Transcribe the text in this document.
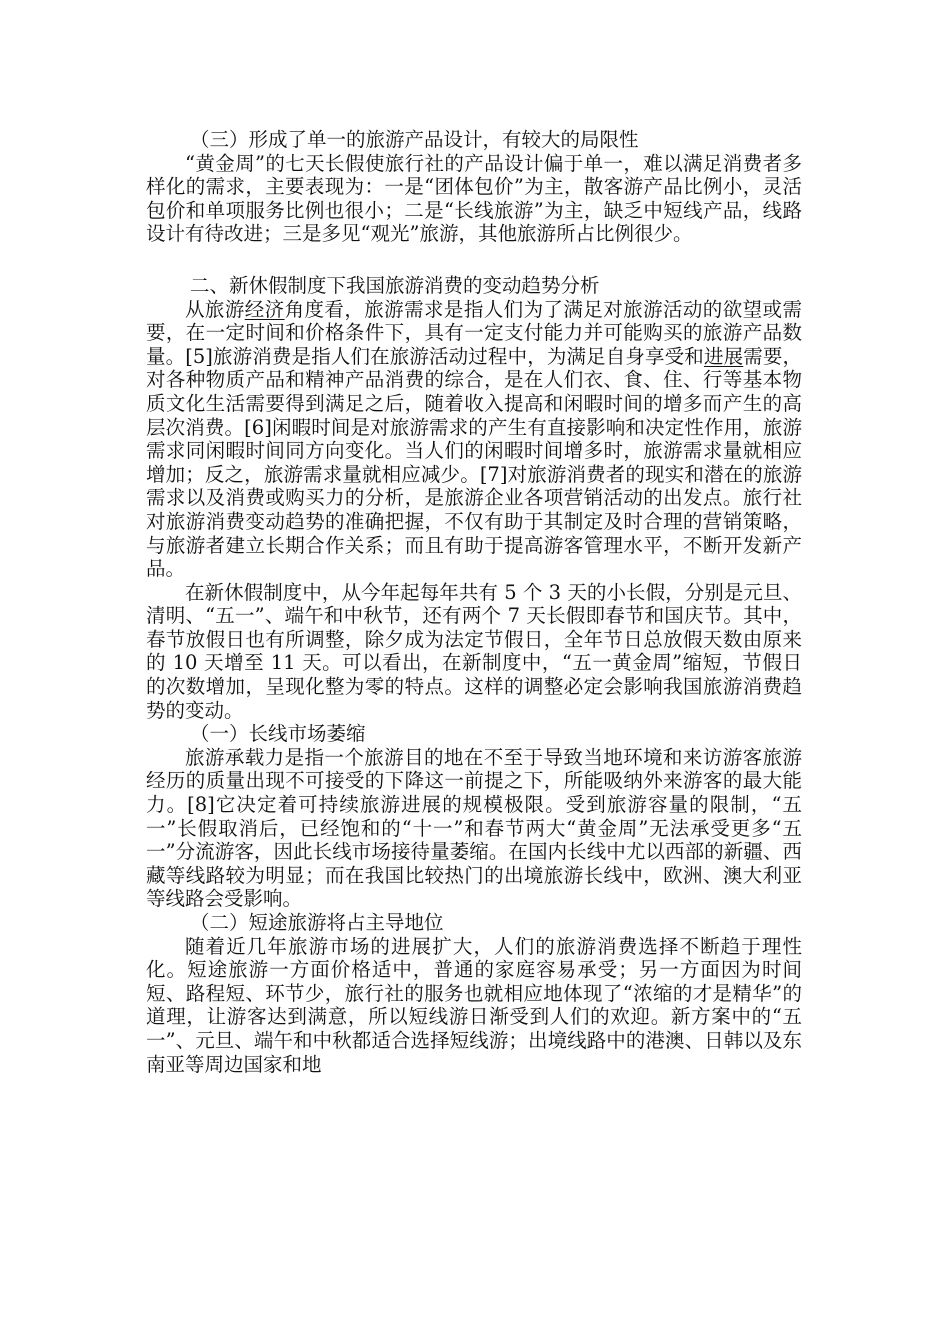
（三）形成了单一的旅游产品设计，有较大的局限性

“黄金周”的七天长假使旅行社的产品设计偏于单一，难以满足消费者多样化的需求，主要表现为：一是“团体包价”为主，散客游产品比例小，灵活包价和单项服务比例也很小；二是“长线旅游”为主，缺乏中短线产品，线路设计有待改进；三是多见“观光”旅游，其他旅游所占比例很少。

二、新休假制度下我国旅游消费的变动趋势分析

从旅游经济角度看，旅游需求是指人们为了满足对旅游活动的欲望或需要，在一定时间和价格条件下，具有一定支付能力并可能购买的旅游产品数量。[5]旅游消费是指人们在旅游活动过程中，为满足自身享受和进展需要，对各种物质产品和精神产品消费的综合，是在人们衣、食、住、行等基本物质文化生活需要得到满足之后，随着收入提高和闲暇时间的增多而产生的高层次消费。[6]闲暇时间是对旅游需求的产生有直接影响和决定性作用，旅游需求同闲暇时间同方向变化。当人们的闲暇时间增多时，旅游需求量就相应增加；反之，旅游需求量就相应减少。[7]对旅游消费者的现实和潜在的旅游需求以及消费或购买力的分析，是旅游企业各项营销活动的出发点。旅行社对旅游消费变动趋势的准确把握，不仅有助于其制定及时合理的营销策略，与旅游者建立长期合作关系；而且有助于提高游客管理水平，不断开发新产品。

在新休假制度中，从今年起每年共有 5 个 3 天的小长假，分别是元旦、清明、“五一”、端午和中秋节，还有两个 7 天长假即春节和国庆节。其中，春节放假日也有所调整，除夕成为法定节假日，全年节日总放假天数由原来的 10 天增至 11 天。可以看出，在新制度中，“五一黄金周”缩短，节假日的次数增加，呈现化整为零的特点。这样的调整必定会影响我国旅游消费趋势的变动。

（一）长线市场萎缩

旅游承载力是指一个旅游目的地在不至于导致当地环境和来访游客旅游经历的质量出现不可接受的下降这一前提之下，所能吸纳外来游客的最大能力。[8]它决定着可持续旅游进展的规模极限。受到旅游容量的限制，“五一”长假取消后，已经饱和的“十一”和春节两大“黄金周”无法承受更多“五一”分流游客，因此长线市场接待量萎缩。在国内长线中尤以西部的新疆、西藏等线路较为明显；而在我国比较热门的出境旅游长线中，欧洲、澳大利亚等线路会受影响。

（二）短途旅游将占主导地位

随着近几年旅游市场的进展扩大，人们的旅游消费选择不断趋于理性化。短途旅游一方面价格适中，普通的家庭容易承受；另一方面因为时间短、路程短、环节少，旅行社的服务也就相应地体现了“浓缩的才是精华”的道理，让游客达到满意，所以短线游日渐受到人们的欢迎。新方案中的“五一”、元旦、端午和中秋都适合选择短线游；出境线路中的港澳、日韩以及东南亚等周边国家和地
